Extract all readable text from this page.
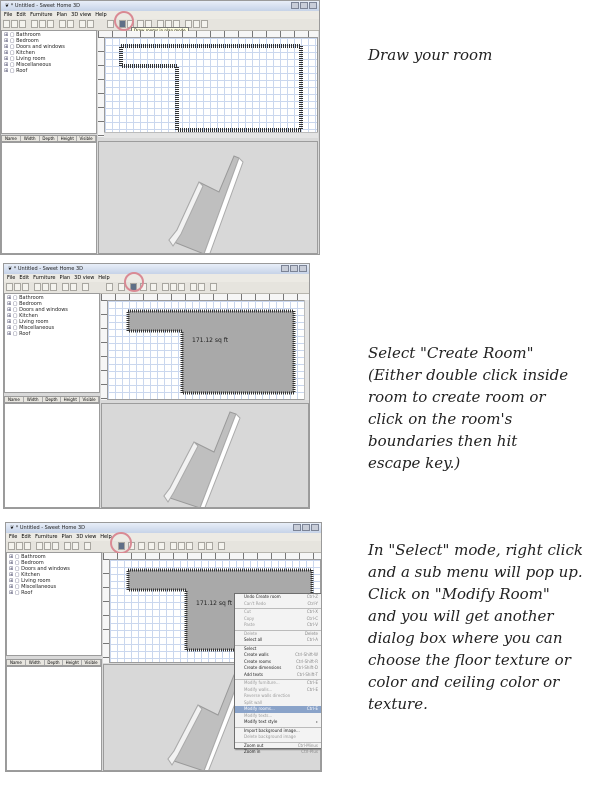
❦ * Untitled - Sweet Home 3D
File Edit Furniture Plan 3D view Help
⊞ ▢ Bathroom
⊞ ▢ Bedroom
⊞ ▢ Doors and windows
⊞ ▢ Kitchen
⊞ ▢ Living room
⊞ ▢ Miscellaneous
⊞ ▢ Roof
Name	Width	Depth	Height	Visible
❦ * Untitled - Sweet Home 3D
File Edit Furniture Plan 3D view Help
⊞ ▢ Bathroom
⊞ ▢ Bedroom
⊞ ▢ Doors and windows
⊞ ▢ Kitchen
⊞ ▢ Living room
⊞ ▢ Miscellaneous
⊞ ▢ Roof
Name	Width	Depth	Height	Visible
171.12 sq ft
❦ * Untitled - Sweet Home 3D
File Edit Furniture Plan 3D view Help
⊞ ▢ Bathroom
⊞ ▢ Bedroom
⊞ ▢ Doors and windows
⊞ ▢ Kitchen
⊞ ▢ Living room
⊞ ▢ Miscellaneous
⊞ ▢ Roof
Name	Width	Depth	Height	Visible
171.12 sq ft
Undo Create room	Ctrl-Z
Can't Redo	Ctrl-Y
Cut	Ctrl-X
Copy	Ctrl-C
Paste	Ctrl-V
Delete	Delete
Select all	Ctrl-A
Select
Create walls	Ctrl-Shift-W
Create rooms	Ctrl-Shift-R
Create dimensions	Ctrl-Shift-D
Add texts	Ctrl-Shift-T
Modify furniture...	Ctrl-E
Modify walls...	Ctrl-E
Reverse walls direction
Split wall
Modify rooms...	Ctrl-E
Modify texts...
Modify text style	▸
Import background image...
Delete background image
Zoom out	Ctrl-Minus
Zoom in	Ctrl-Plus
Draw your room
Select "Create Room"
(Either double click inside
room to create room or
click on the room's
boundaries then hit
escape key.)
In "Select" mode, right click
and a sub menu will pop up.
Click on "Modify Room"
and you will get another
dialog box where you can
choose the floor texture or
color and ceiling color or
texture.
